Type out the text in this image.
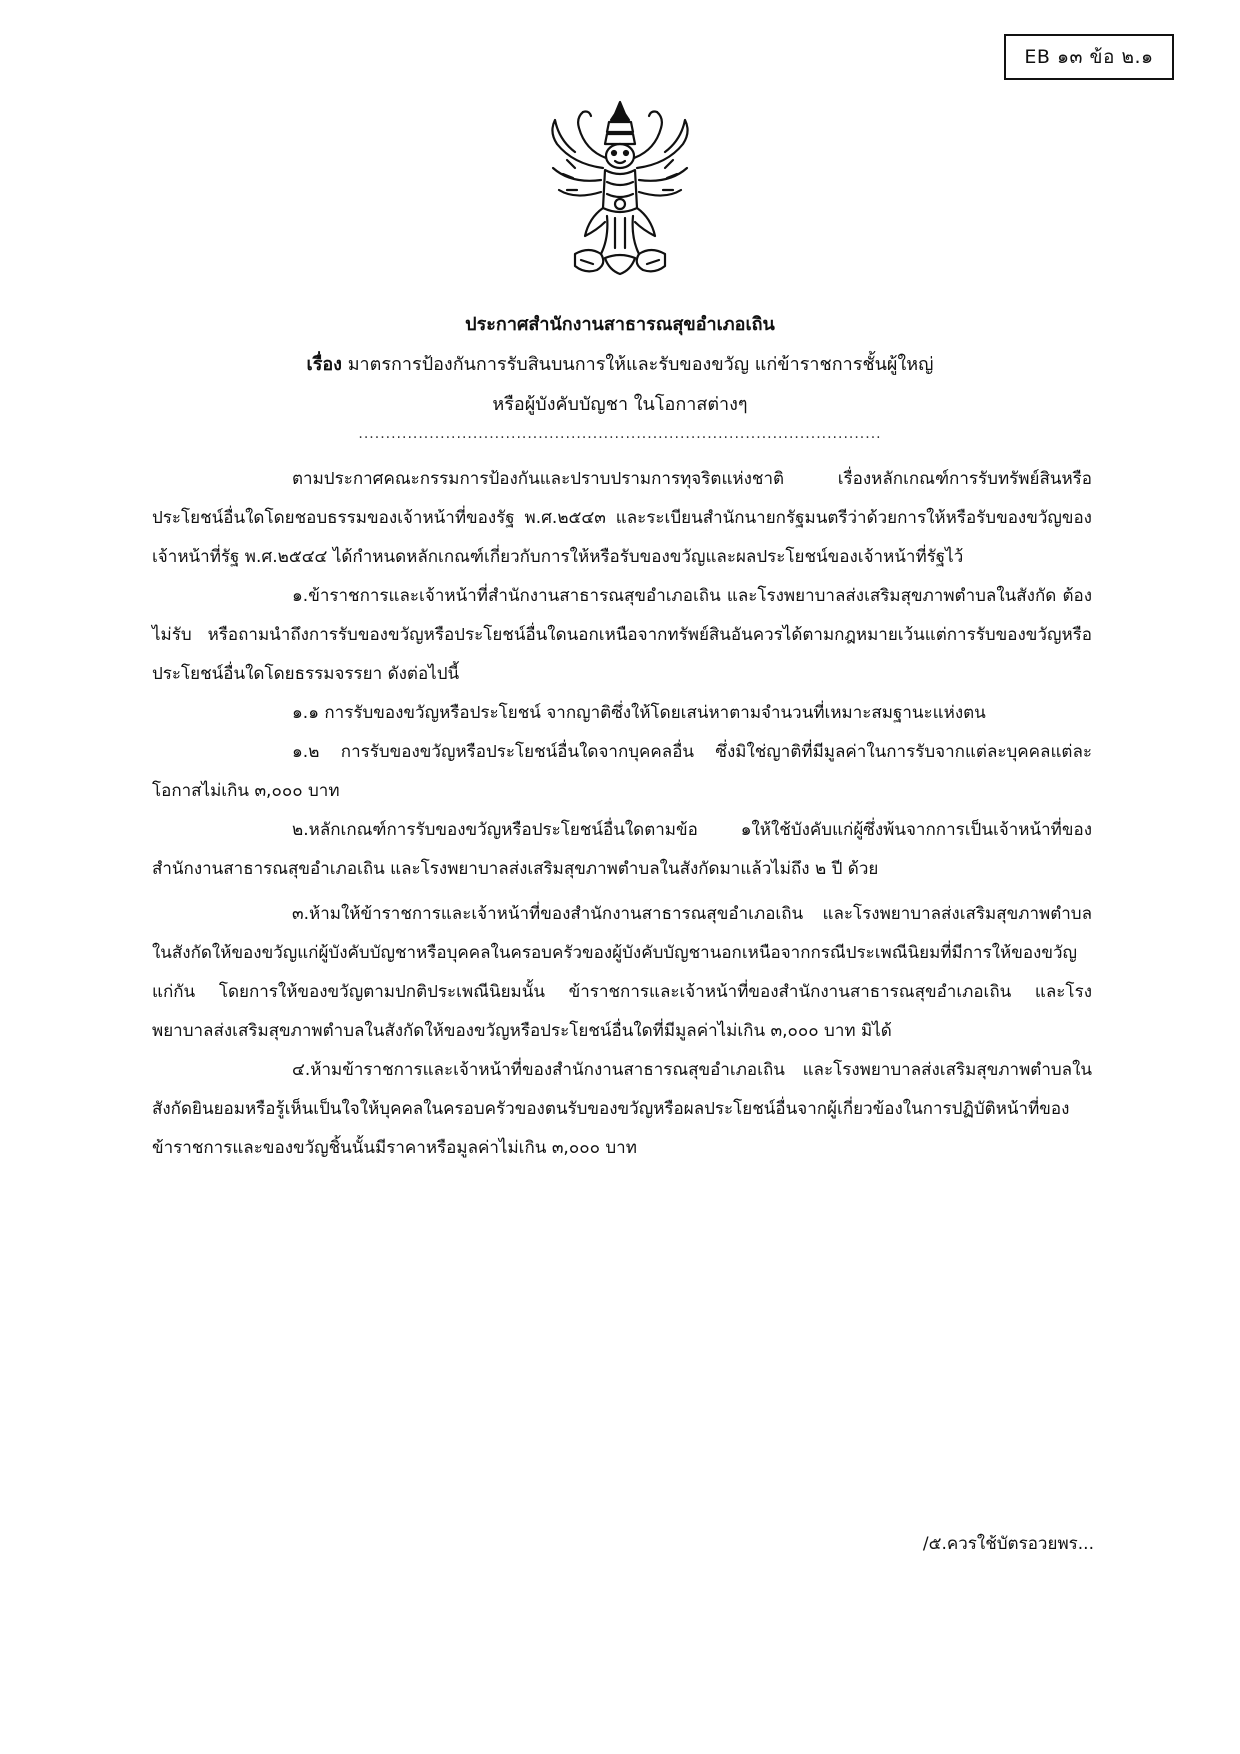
EB ๑๓ ข้อ ๒.๑
ประกาศสำนักงานสาธารณสุขอำเภอเถิน
เรื่อง มาตรการป้องกันการรับสินบนการให้และรับของขวัญ แก่ข้าราชการชั้นผู้ใหญ่
หรือผู้บังคับบัญชา ในโอกาสต่างๆ
................................................................................................

ตามประกาศคณะกรรมการป้องกันและปราบปรามการทุจริตแห่งชาติ เรื่องหลักเกณฑ์การรับทรัพย์สินหรือประโยชน์อื่นใดโดยชอบธรรมของเจ้าหน้าที่ของรัฐ พ.ศ.๒๕๔๓ และระเบียนสำนักนายกรัฐมนตรีว่าด้วยการให้หรือรับของขวัญของเจ้าหน้าที่รัฐ พ.ศ.๒๕๔๔ ได้กำหนดหลักเกณฑ์เกี่ยวกับการให้หรือรับของขวัญและผลประโยชน์ของเจ้าหน้าที่รัฐไว้

๑.ข้าราชการและเจ้าหน้าที่สำนักงานสาธารณสุขอำเภอเถิน และโรงพยาบาลส่งเสริมสุขภาพตำบลในสังกัด ต้องไม่รับ หรือถามนำถึงการรับของขวัญหรือประโยชน์อื่นใดนอกเหนือจากทรัพย์สินอันควรได้ตามกฎหมายเว้นแต่การรับของขวัญหรือประโยชน์อื่นใดโดยธรรมจรรยา ดังต่อไปนี้

๑.๑ การรับของขวัญหรือประโยชน์ จากญาติซึ่งให้โดยเสน่หาตามจำนวนที่เหมาะสมฐานะแห่งตน

๑.๒ การรับของขวัญหรือประโยชน์อื่นใดจากบุคคลอื่น ซึ่งมิใช่ญาติที่มีมูลค่าในการรับจากแต่ละบุคคลแต่ละโอกาสไม่เกิน ๓,๐๐๐ บาท

๒.หลักเกณฑ์การรับของขวัญหรือประโยชน์อื่นใดตามข้อ ๑ให้ใช้บังคับแก่ผู้ซึ่งพ้นจากการเป็นเจ้าหน้าที่ของสำนักงานสาธารณสุขอำเภอเถิน และโรงพยาบาลส่งเสริมสุขภาพตำบลในสังกัดมาแล้วไม่ถึง ๒ ปี ด้วย

๓.ห้ามให้ข้าราชการและเจ้าหน้าที่ของสำนักงานสาธารณสุขอำเภอเถิน และโรงพยาบาลส่งเสริมสุขภาพตำบลในสังกัดให้ของขวัญแก่ผู้บังคับบัญชาหรือบุคคลในครอบครัวของผู้บังคับบัญชานอกเหนือจากกรณีประเพณีนิยมที่มีการให้ของขวัญแก่กัน โดยการให้ของขวัญตามปกติประเพณีนิยมนั้น ข้าราชการและเจ้าหน้าที่ของสำนักงานสาธารณสุขอำเภอเถิน และโรงพยาบาลส่งเสริมสุขภาพตำบลในสังกัดให้ของขวัญหรือประโยชน์อื่นใดที่มีมูลค่าไม่เกิน ๓,๐๐๐ บาท มิได้

๔.ห้ามข้าราชการและเจ้าหน้าที่ของสำนักงานสาธารณสุขอำเภอเถิน และโรงพยาบาลส่งเสริมสุขภาพตำบลในสังกัดยินยอมหรือรู้เห็นเป็นใจให้บุคคลในครอบครัวของตนรับของขวัญหรือผลประโยชน์อื่นจากผู้เกี่ยวข้องในการปฏิบัติหน้าที่ของข้าราชการและของขวัญชิ้นนั้นมีราคาหรือมูลค่าไม่เกิน ๓,๐๐๐ บาท

/๕.ควรใช้บัตรอวยพร...
